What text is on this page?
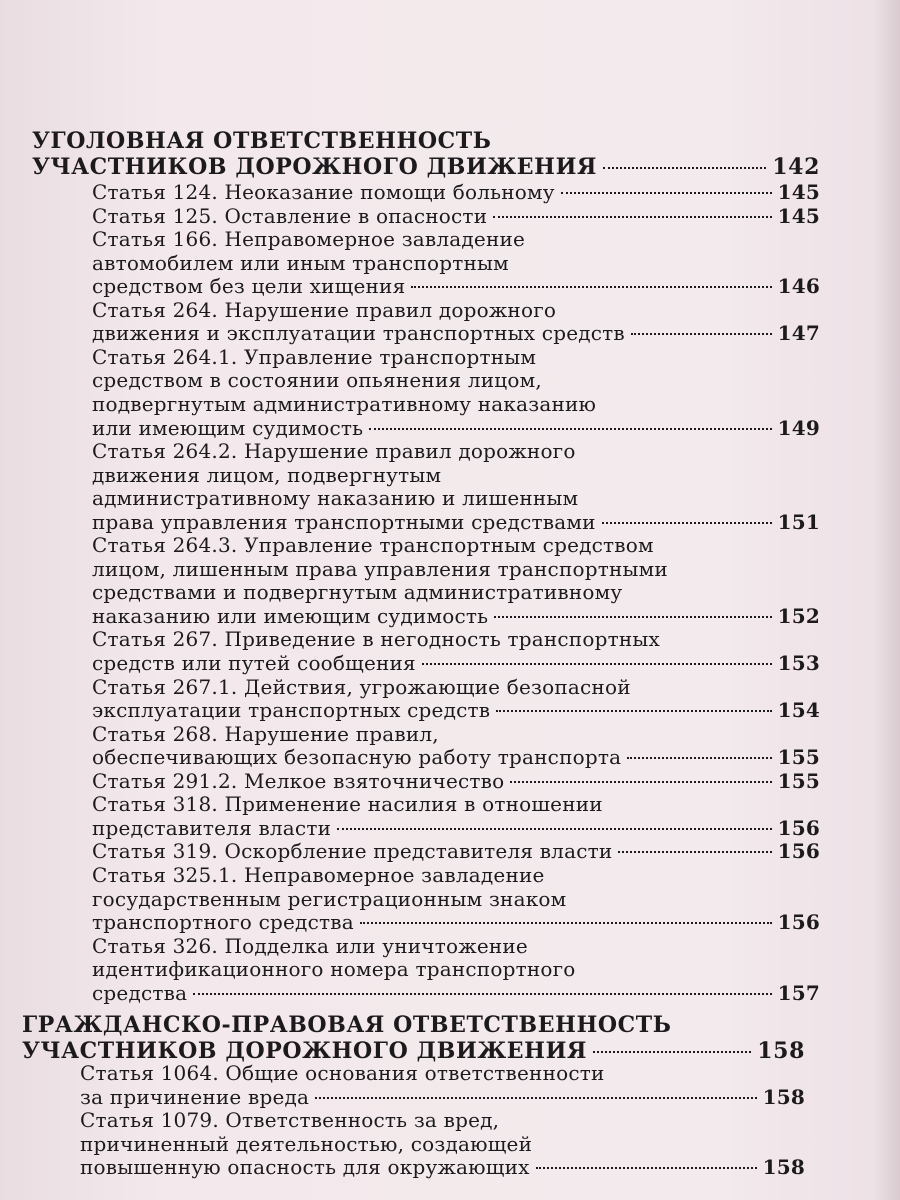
УГОЛОВНАЯ ОТВЕТСТВЕННОСТЬ
УЧАСТНИКОВ ДОРОЖНОГО ДВИЖЕНИЯ	142
Статья 124. Неоказание помощи больному	145
Статья 125. Оставление в опасности	145
Статья 166. Неправомерное завладение
автомобилем или иным транспортным
средством без цели хищения	146
Статья 264. Нарушение правил дорожного
движения и эксплуатации транспортных средств	147
Статья 264.1. Управление транспортным
средством в состоянии опьянения лицом,
подвергнутым административному наказанию
или имеющим судимость	149
Статья 264.2. Нарушение правил дорожного
движения лицом, подвергнутым
административному наказанию и лишенным
права управления транспортными средствами	151
Статья 264.3. Управление транспортным средством
лицом, лишенным права управления транспортными
средствами и подвергнутым административному
наказанию или имеющим судимость	152
Статья 267. Приведение в негодность транспортных
средств или путей сообщения	153
Статья 267.1. Действия, угрожающие безопасной
эксплуатации транспортных средств	154
Статья 268. Нарушение правил,
обеспечивающих безопасную работу транспорта	155
Статья 291.2. Мелкое взяточничество	155
Статья 318. Применение насилия в отношении
представителя власти	156
Статья 319. Оскорбление представителя власти	156
Статья 325.1. Неправомерное завладение
государственным регистрационным знаком
транспортного средства	156
Статья 326. Подделка или уничтожение
идентификационного номера транспортного
средства	157
ГРАЖДАНСКО-ПРАВОВАЯ ОТВЕТСТВЕННОСТЬ
УЧАСТНИКОВ ДОРОЖНОГО ДВИЖЕНИЯ	158
Статья 1064. Общие основания ответственности
за причинение вреда	158
Статья 1079. Ответственность за вред,
причиненный деятельностью, создающей
повышенную опасность для окружающих	158
